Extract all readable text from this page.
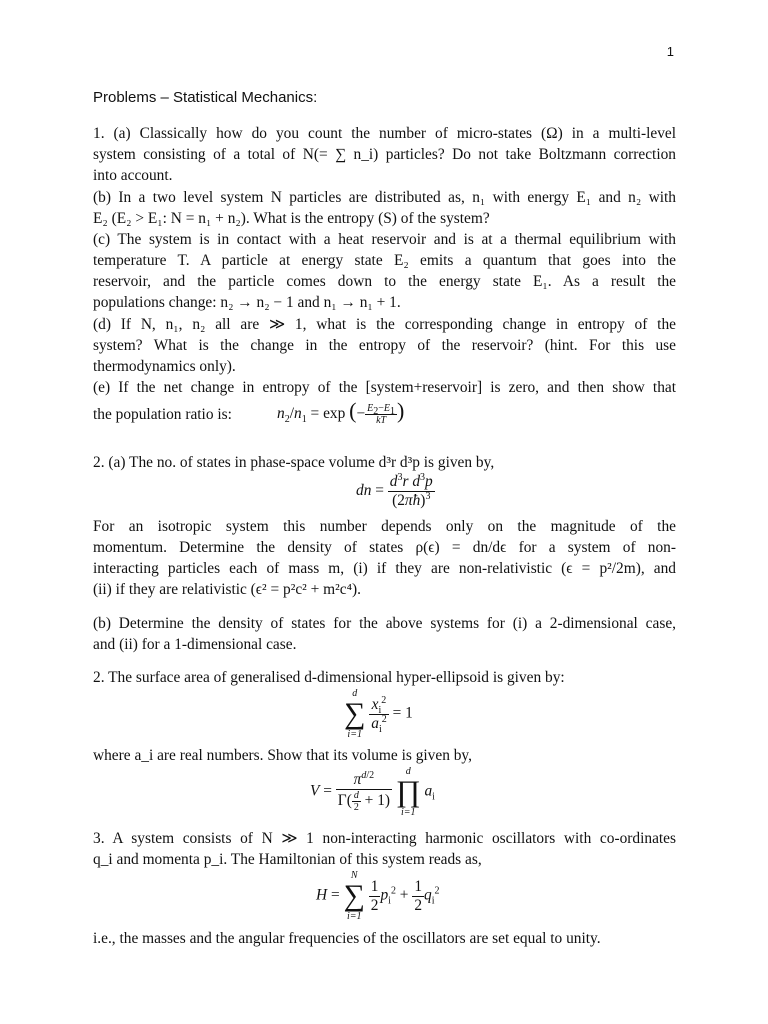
1
Problems – Statistical Mechanics:
1. (a) Classically how do you count the number of micro-states (Ω) in a multi-level
system consisting of a total of N(= ∑ n_i) particles? Do not take Boltzmann correction
into account.
(b) In a two level system N particles are distributed as, n₁ with energy E₁ and n₂ with
E₂ (E₂ > E₁: N = n₁ + n₂). What is the entropy (S) of the system?
(c) The system is in contact with a heat reservoir and is at a thermal equilibrium with
temperature T. A particle at energy state E₂ emits a quantum that goes into the
reservoir, and the particle comes down to the energy state E₁. As a result the
populations change: n₂ → n₂ − 1 and n₁ → n₁ + 1.
(d) If N, n₁, n₂ all are ≫ 1, what is the corresponding change in entropy of the
system? What is the change in the entropy of the reservoir? (hint. For this use
thermodynamics only).
(e) If the net change in entropy of the [system+reservoir] is zero, and then show that
the population ratio is:	$n_2/n_1 = \exp$ (− $\frac{E_2-E_1}{kT}$ )
2. (a) The no. of states in phase-space volume d³r d³p is given by,
dn = $\frac{d^3r d^3p}{(2\pi ħ)^3}$
For an isotropic system this number depends only on the magnitude of the
momentum. Determine the density of states ρ(ϵ) = dn/dϵ for a system of non-
interacting particles each of mass m, (i) if they are non-relativistic (ϵ = p²/2m), and
(ii) if they are relativistic (ϵ² = p²c² + m²c⁴).
(b) Determine the density of states for the above systems for (i) a 2-dimensional case,
and (ii) for a 1-dimensional case.
2. The surface area of generalised d-dimensional hyper-ellipsoid is given by:
d
∑
i=1

$\frac{x_i^2}{a_i^2} = 1$
where a_i are real numbers. Show that its volume is given by,
$V = \frac{\pi^{d/2}}{\Gamma( \frac{d}{2} + 1)}$
	d
∏
i=1
$a_i$
3. A system consists of N ≫ 1 non-interacting harmonic oscillators with co-ordinates
q_i and momenta p_i. The Hamiltonian of this system reads as,
H =
N
∑
i=1

$\frac{1}{2} p_i^2 + \frac{1}{2} q_i^2$
i.e., the masses and the angular frequencies of the oscillators are set equal to unity.
